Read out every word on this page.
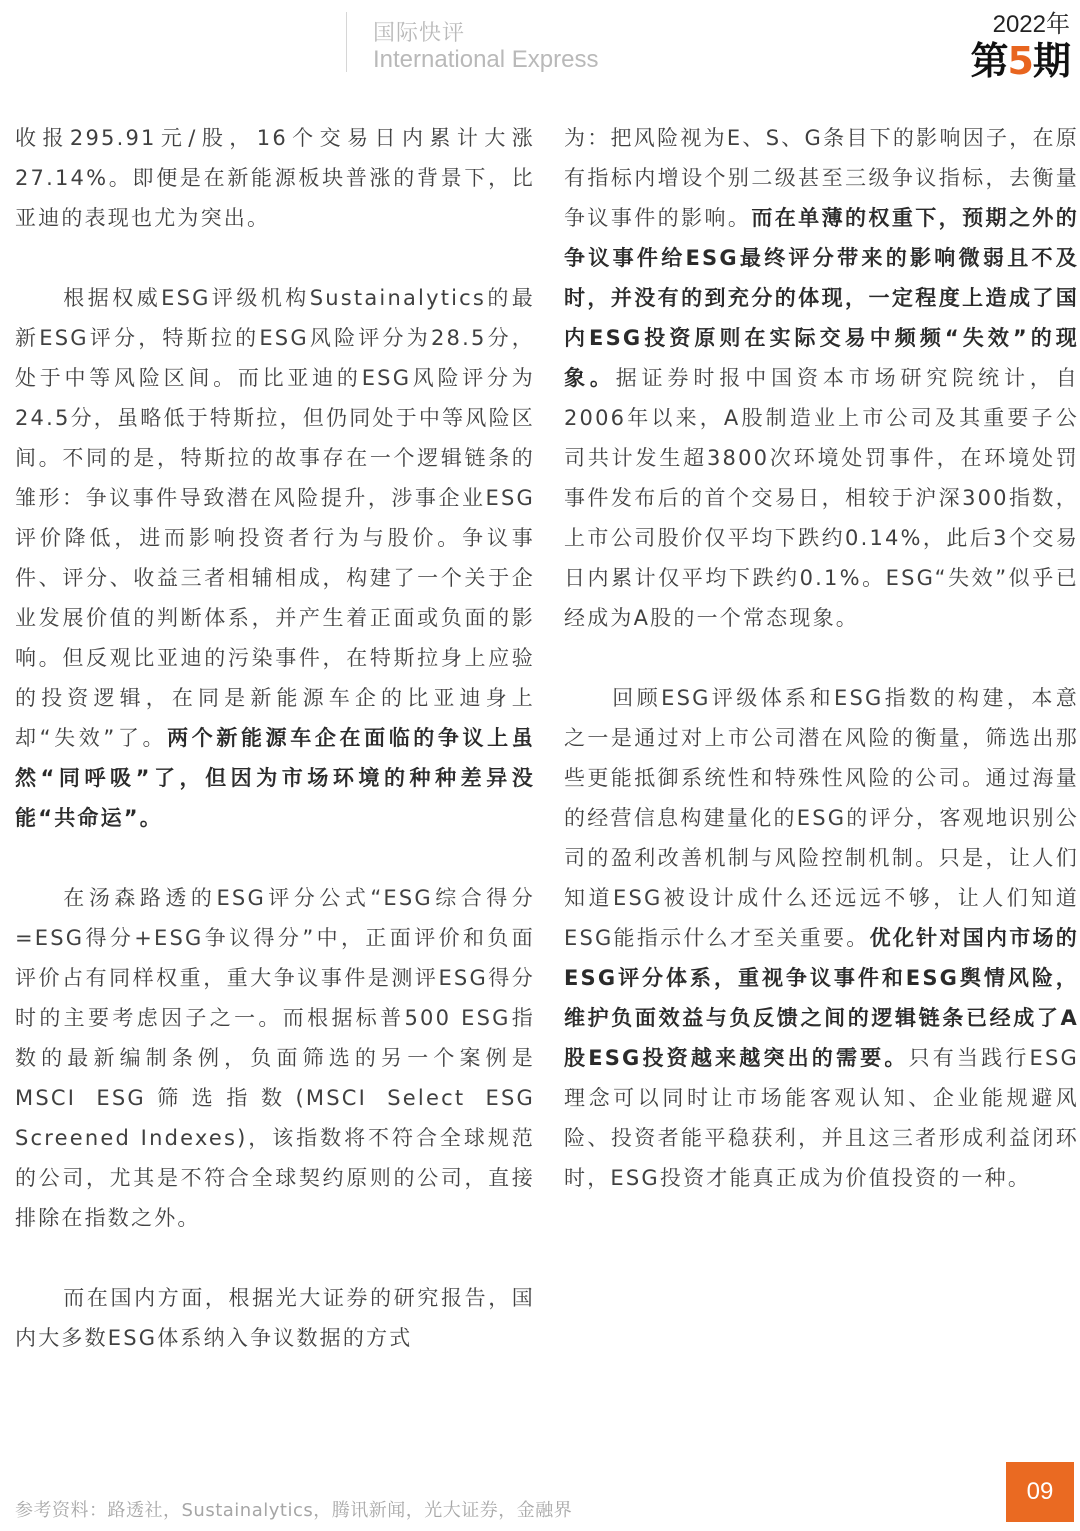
国际快评
International Express
2022年
第5期

收报295.91元/股，16个交易日内累计大涨27.14%。即便是在新能源板块普涨的背景下，比亚迪的表现也尤为突出。

根据权威ESG评级机构Sustainalytics的最新ESG评分，特斯拉的ESG风险评分为28.5分，处于中等风险区间。而比亚迪的ESG风险评分为24.5分，虽略低于特斯拉，但仍同处于中等风险区间。不同的是，特斯拉的故事存在一个逻辑链条的雏形：争议事件导致潜在风险提升，涉事企业ESG评价降低，进而影响投资者行为与股价。争议事件、评分、收益三者相辅相成，构建了一个关于企业发展价值的判断体系，并产生着正面或负面的影响。但反观比亚迪的污染事件，在特斯拉身上应验的投资逻辑，在同是新能源车企的比亚迪身上却“失效”了。两个新能源车企在面临的争议上虽然“同呼吸”了，但因为市场环境的种种差异没能“共命运”。

在汤森路透的ESG评分公式“ESG综合得分=ESG得分+ESG争议得分”中，正面评价和负面评价占有同样权重，重大争议事件是测评ESG得分时的主要考虑因子之一。而根据标普500 ESG指数的最新编制条例，负面筛选的另一个案例是MSCI ESG筛选指数(MSCI Select ESG Screened Indexes)，该指数将不符合全球规范的公司，尤其是不符合全球契约原则的公司，直接排除在指数之外。

而在国内方面，根据光大证券的研究报告，国内大多数ESG体系纳入争议数据的方式

为：把风险视为E、S、G条目下的影响因子，在原有指标内增设个别二级甚至三级争议指标，去衡量争议事件的影响。而在单薄的权重下，预期之外的争议事件给ESG最终评分带来的影响微弱且不及时，并没有的到充分的体现，一定程度上造成了国内ESG投资原则在实际交易中频频“失效”的现象。据证券时报中国资本市场研究院统计，自2006年以来，A股制造业上市公司及其重要子公司共计发生超3800次环境处罚事件，在环境处罚事件发布后的首个交易日，相较于沪深300指数，上市公司股价仅平均下跌约0.14%，此后3个交易日内累计仅平均下跌约0.1%。ESG“失效”似乎已经成为A股的一个常态现象。

回顾ESG评级体系和ESG指数的构建，本意之一是通过对上市公司潜在风险的衡量，筛选出那些更能抵御系统性和特殊性风险的公司。通过海量的经营信息构建量化的ESG的评分，客观地识别公司的盈利改善机制与风险控制机制。只是，让人们知道ESG被设计成什么还远远不够，让人们知道ESG能指示什么才至关重要。优化针对国内市场的ESG评分体系，重视争议事件和ESG舆情风险，维护负面效益与负反馈之间的逻辑链条已经成了A股ESG投资越来越突出的需要。只有当践行ESG理念可以同时让市场能客观认知、企业能规避风险、投资者能平稳获利，并且这三者形成利益闭环时，ESG投资才能真正成为价值投资的一种。

参考资料：路透社，Sustainalytics，腾讯新闻，光大证券，金融界
09
